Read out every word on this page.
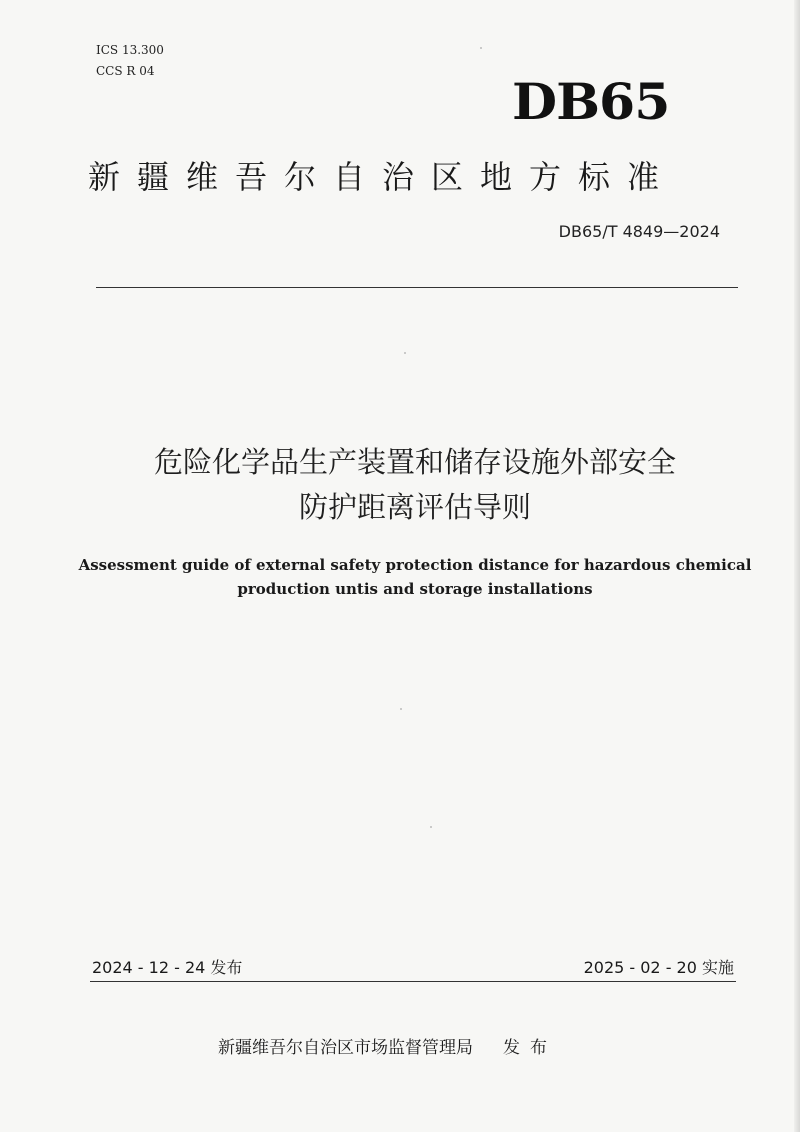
ICS 13.300
CCS R 04
DB65
新疆维吾尔自治区地方标准
DB65/T 4849—2024
危险化学品生产装置和储存设施外部安全
防护距离评估导则
Assessment guide of external safety protection distance for hazardous chemical
production untis and storage installations
2024 - 12 - 24 发布	2025 - 02 - 20 实施
新疆维吾尔自治区市场监督管理局 发布
